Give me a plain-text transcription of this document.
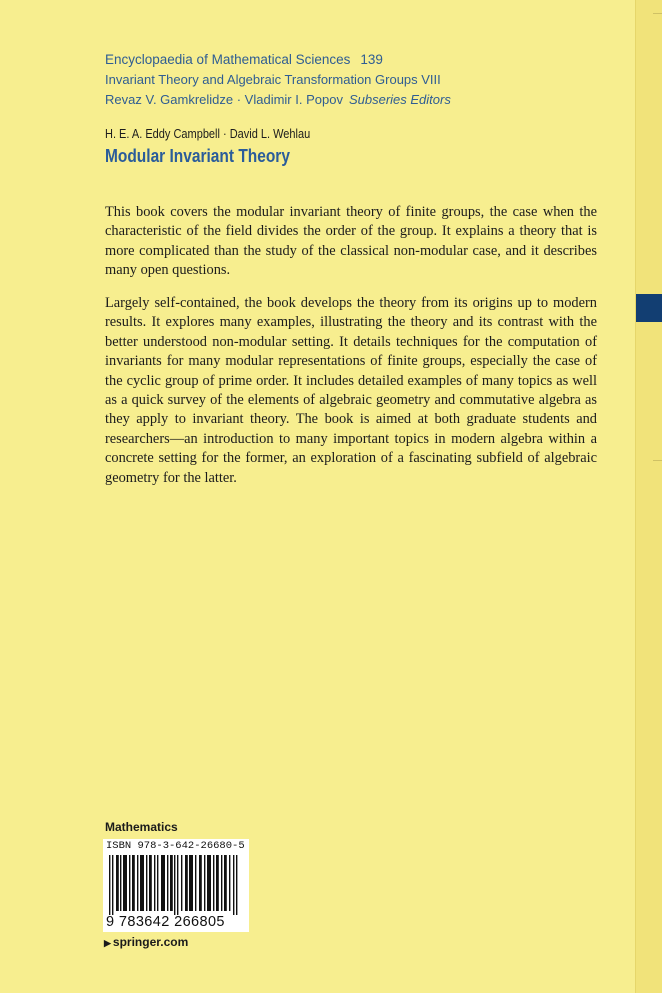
Encyclopaedia of Mathematical Sciences 139
Invariant Theory and Algebraic Transformation Groups VIII
Revaz V. Gamkrelidze · Vladimir I. Popov Subseries Editors
H. E. A. Eddy Campbell · David L. Wehlau
Modular Invariant Theory

This book covers the modular invariant theory of finite groups, the case when the characteristic of the field divides the order of the group. It explains a theory that is more complicated than the study of the classical non-modular case, and it describes many open questions.

Largely self-contained, the book develops the theory from its origins up to modern results. It explores many examples, illustrating the theory and its contrast with the better understood non-modular setting. It details techniques for the computation of invariants for many modular representations of finite groups, especially the case of the cyclic group of prime order. It includes detailed examples of many topics as well as a quick survey of the elements of algebraic geometry and commutative algebra as they apply to invariant theory. The book is aimed at both graduate students and researchers—an introduction to many important topics in modern algebra within a concrete setting for the former, an exploration of a fascinating subfield of algebraic geometry for the latter.

Mathematics
ISBN 978-3-642-26680-5
9 783642 266805
▶ springer.com
